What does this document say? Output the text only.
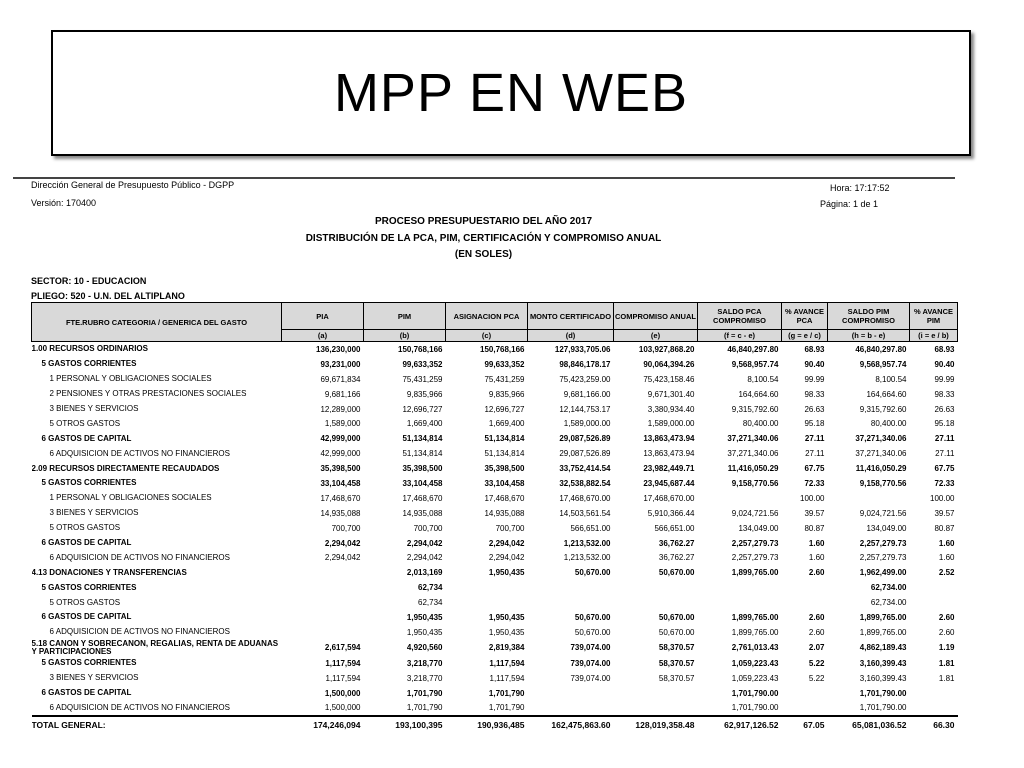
MPP EN WEB
Dirección General de Presupuesto Público - DGPP
Versión: 170400
Hora: 17:17:52
Página: 1 de 1
PROCESO PRESUPUESTARIO DEL AÑO 2017
DISTRIBUCIÓN DE LA PCA, PIM, CERTIFICACIÓN Y COMPROMISO ANUAL
(EN SOLES)
SECTOR: 10 - EDUCACION
PLIEGO: 520 - U.N. DEL ALTIPLANO
FTE.RUBRO CATEGORIA / GENERICA DEL GASTO	PIA	PIM	ASIGNACION PCA	MONTO CERTIFICADO	COMPROMISO ANUAL	SALDO PCA COMPROMISO	% AVANCE PCA	SALDO PIM COMPROMISO	% AVANCE PIM
	(a)	(b)	(c)	(d)	(e)	(f = c - e)	(g = e / c)	(h = b - e)	(i = e / b)
1.00 RECURSOS ORDINARIOS	136,230,000	150,768,166	150,768,166	127,933,705.06	103,927,868.20	46,840,297.80	68.93	46,840,297.80	68.93
5 GASTOS CORRIENTES	93,231,000	99,633,352	99,633,352	98,846,178.17	90,064,394.26	9,568,957.74	90.40	9,568,957.74	90.40
1 PERSONAL Y OBLIGACIONES SOCIALES	69,671,834	75,431,259	75,431,259	75,423,259.00	75,423,158.46	8,100.54	99.99	8,100.54	99.99
2 PENSIONES Y OTRAS PRESTACIONES SOCIALES	9,681,166	9,835,966	9,835,966	9,681,166.00	9,671,301.40	164,664.60	98.33	164,664.60	98.33
3 BIENES Y SERVICIOS	12,289,000	12,696,727	12,696,727	12,144,753.17	3,380,934.40	9,315,792.60	26.63	9,315,792.60	26.63
5 OTROS GASTOS	1,589,000	1,669,400	1,669,400	1,589,000.00	1,589,000.00	80,400.00	95.18	80,400.00	95.18
6 GASTOS DE CAPITAL	42,999,000	51,134,814	51,134,814	29,087,526.89	13,863,473.94	37,271,340.06	27.11	37,271,340.06	27.11
6 ADQUISICION DE ACTIVOS NO FINANCIEROS	42,999,000	51,134,814	51,134,814	29,087,526.89	13,863,473.94	37,271,340.06	27.11	37,271,340.06	27.11
2.09 RECURSOS DIRECTAMENTE RECAUDADOS	35,398,500	35,398,500	35,398,500	33,752,414.54	23,982,449.71	11,416,050.29	67.75	11,416,050.29	67.75
5 GASTOS CORRIENTES	33,104,458	33,104,458	33,104,458	32,538,882.54	23,945,687.44	9,158,770.56	72.33	9,158,770.56	72.33
1 PERSONAL Y OBLIGACIONES SOCIALES	17,468,670	17,468,670	17,468,670	17,468,670.00	17,468,670.00		100.00		100.00
3 BIENES Y SERVICIOS	14,935,088	14,935,088	14,935,088	14,503,561.54	5,910,366.44	9,024,721.56	39.57	9,024,721.56	39.57
5 OTROS GASTOS	700,700	700,700	700,700	566,651.00	566,651.00	134,049.00	80.87	134,049.00	80.87
6 GASTOS DE CAPITAL	2,294,042	2,294,042	2,294,042	1,213,532.00	36,762.27	2,257,279.73	1.60	2,257,279.73	1.60
6 ADQUISICION DE ACTIVOS NO FINANCIEROS	2,294,042	2,294,042	2,294,042	1,213,532.00	36,762.27	2,257,279.73	1.60	2,257,279.73	1.60
4.13 DONACIONES Y TRANSFERENCIAS		2,013,169	1,950,435	50,670.00	50,670.00	1,899,765.00	2.60	1,962,499.00	2.52
5 GASTOS CORRIENTES		62,734						62,734.00	
5 OTROS GASTOS		62,734						62,734.00	
6 GASTOS DE CAPITAL		1,950,435	1,950,435	50,670.00	50,670.00	1,899,765.00	2.60	1,899,765.00	2.60
6 ADQUISICION DE ACTIVOS NO FINANCIEROS		1,950,435	1,950,435	50,670.00	50,670.00	1,899,765.00	2.60	1,899,765.00	2.60
5.18 CANON Y SOBRECANON, REGALIAS, RENTA DE ADUANAS Y PARTICIPACIONES	2,617,594	4,920,560	2,819,384	739,074.00	58,370.57	2,761,013.43	2.07	4,862,189.43	1.19
5 GASTOS CORRIENTES	1,117,594	3,218,770	1,117,594	739,074.00	58,370.57	1,059,223.43	5.22	3,160,399.43	1.81
3 BIENES Y SERVICIOS	1,117,594	3,218,770	1,117,594	739,074.00	58,370.57	1,059,223.43	5.22	3,160,399.43	1.81
6 GASTOS DE CAPITAL	1,500,000	1,701,790	1,701,790			1,701,790.00		1,701,790.00	
6 ADQUISICION DE ACTIVOS NO FINANCIEROS	1,500,000	1,701,790	1,701,790			1,701,790.00		1,701,790.00	
TOTAL GENERAL:	174,246,094	193,100,395	190,936,485	162,475,863.60	128,019,358.48	62,917,126.52	67.05	65,081,036.52	66.30
